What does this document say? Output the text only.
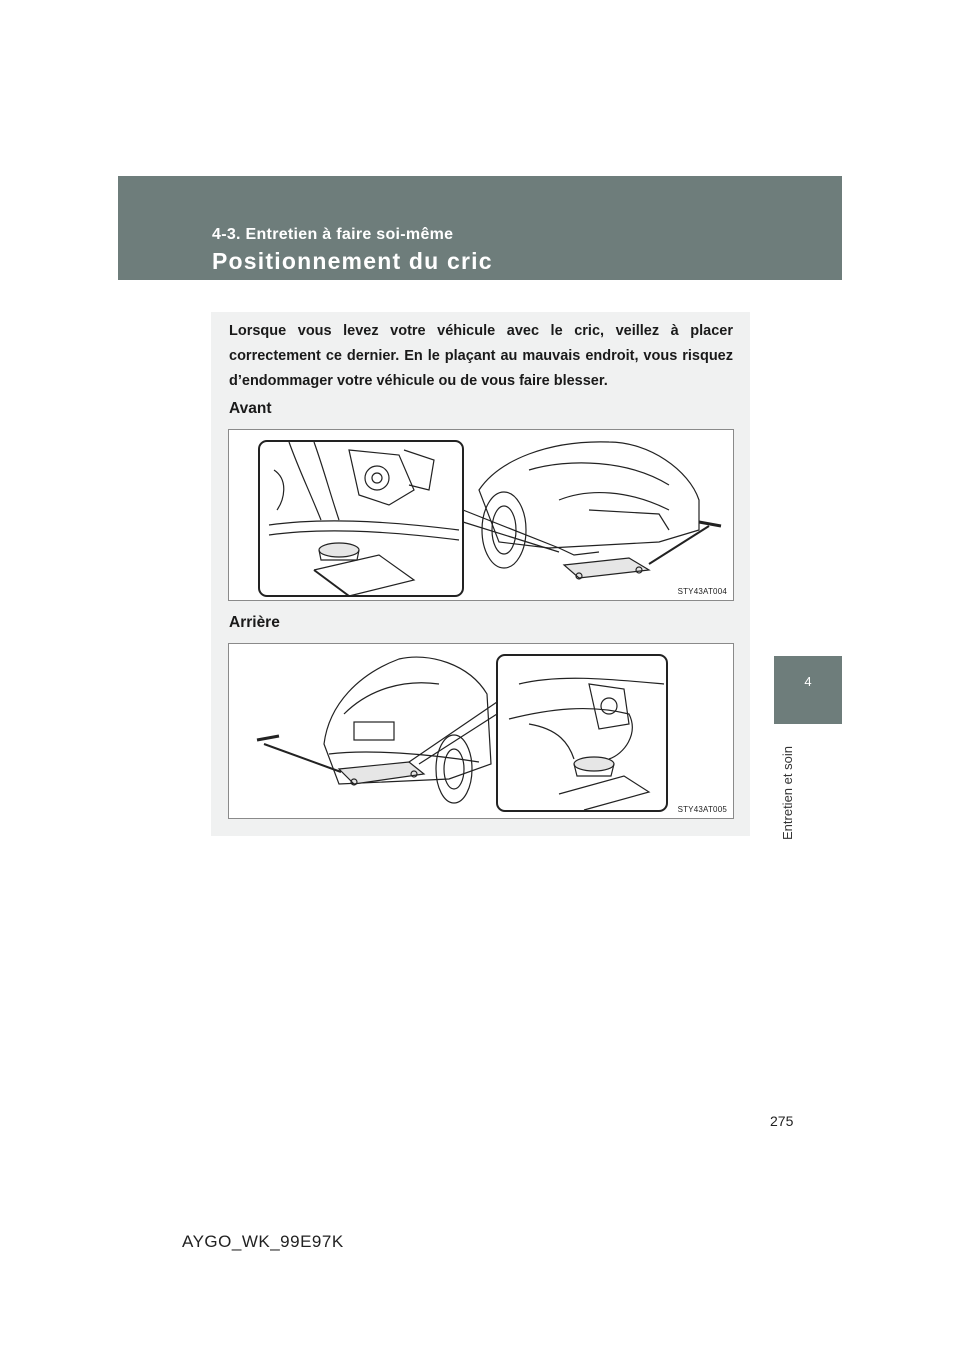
4-3. Entretien à faire soi-même
Positionnement du cric
4
Entretien et soin

Lorsque vous levez votre véhicule avec le cric, veillez à placer correctement ce dernier. En le plaçant au mauvais endroit, vous risquez d’endommager votre véhicule ou de vous faire blesser.

Avant

STY43AT004

Arrière

STY43AT005
275
AYGO_WK_99E97K
